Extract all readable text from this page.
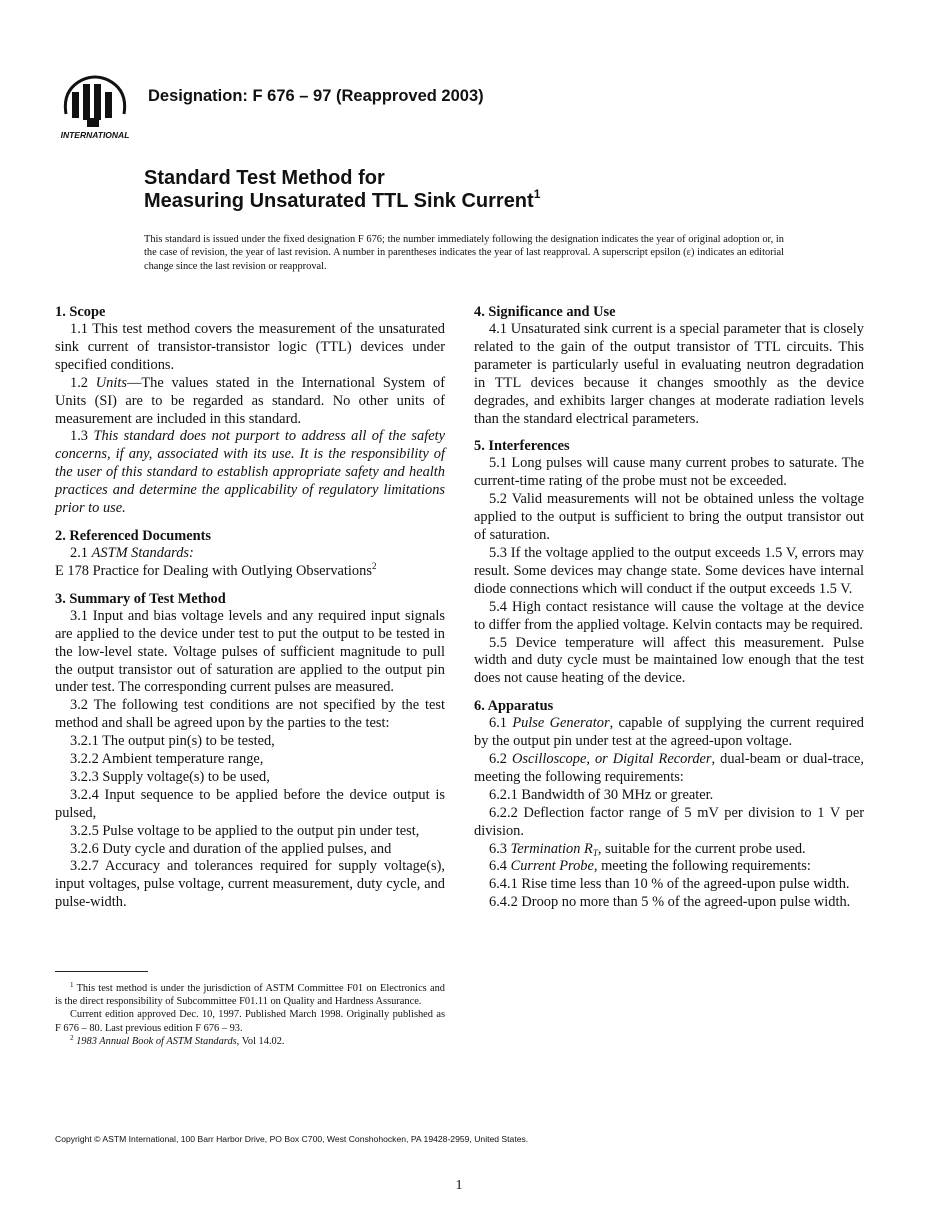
INTERNATIONAL
Designation: F 676 – 97 (Reapproved 2003)
Standard Test Method for
Measuring Unsaturated TTL Sink Current$^1$
This standard is issued under the fixed designation F 676; the number immediately following the designation indicates the year of original adoption or, in the case of revision, the year of last revision. A number in parentheses indicates the year of last reapproval. A superscript epsilon (ε) indicates an editorial change since the last revision or reapproval.
1. Scope

1.1 This test method covers the measurement of the unsaturated sink current of transistor-transistor logic (TTL) devices under specified conditions.

1.2 Units—The values stated in the International System of Units (SI) are to be regarded as standard. No other units of measurement are included in this standard.

1.3 This standard does not purport to address all of the safety concerns, if any, associated with its use. It is the responsibility of the user of this standard to establish appropriate safety and health practices and determine the applicability of regulatory limitations prior to use.

2. Referenced Documents

2.1 ASTM Standards:

E 178 Practice for Dealing with Outlying Observations$^2$

3. Summary of Test Method

3.1 Input and bias voltage levels and any required input signals are applied to the device under test to put the output to be tested in the low-level state. Voltage pulses of sufficient magnitude to pull the output transistor out of saturation are applied to the output pin under test. The corresponding current pulses are measured.

3.2 The following test conditions are not specified by the test method and shall be agreed upon by the parties to the test:

3.2.1 The output pin(s) to be tested,

3.2.2 Ambient temperature range,

3.2.3 Supply voltage(s) to be used,

3.2.4 Input sequence to be applied before the device output is pulsed,

3.2.5 Pulse voltage to be applied to the output pin under test,

3.2.6 Duty cycle and duration of the applied pulses, and

3.2.7 Accuracy and tolerances required for supply voltage(s), input voltages, pulse voltage, current measurement, duty cycle, and pulse-width.

4. Significance and Use

4.1 Unsaturated sink current is a special parameter that is closely related to the gain of the output transistor of TTL circuits. This parameter is particularly useful in evaluating neutron degradation in TTL devices because it changes smoothly as the device degrades, and exhibits larger changes at moderate radiation levels than the standard electrical parameters.

5. Interferences

5.1 Long pulses will cause many current probes to saturate. The current-time rating of the probe must not be exceeded.

5.2 Valid measurements will not be obtained unless the voltage applied to the output is sufficient to bring the output transistor out of saturation.

5.3 If the voltage applied to the output exceeds 1.5 V, errors may result. Some devices may change state. Some devices have internal diode connections which will conduct if the output exceeds 1.5 V.

5.4 High contact resistance will cause the voltage at the device to differ from the applied voltage. Kelvin contacts may be required.

5.5 Device temperature will affect this measurement. Pulse width and duty cycle must be maintained low enough that the test does not cause heating of the device.

6. Apparatus

6.1 Pulse Generator, capable of supplying the current required by the output pin under test at the agreed-upon voltage.

6.2 Oscilloscope, or Digital Recorder, dual-beam or dual-trace, meeting the following requirements:

6.2.1 Bandwidth of 30 MHz or greater.

6.2.2 Deflection factor range of 5 mV per division to 1 V per division.

6.3 Termination $R_T$, suitable for the current probe used.

6.4 Current Probe, meeting the following requirements:

6.4.1 Rise time less than 10 % of the agreed-upon pulse width.

6.4.2 Droop no more than 5 % of the agreed-upon pulse width.

$^1$ This test method is under the jurisdiction of ASTM Committee F01 on Electronics and is the direct responsibility of Subcommittee F01.11 on Quality and Hardness Assurance.

Current edition approved Dec. 10, 1997. Published March 1998. Originally published as F 676 – 80. Last previous edition F 676 – 93.

$^2$ 1983 Annual Book of ASTM Standards, Vol 14.02.

Copyright © ASTM International, 100 Barr Harbor Drive, PO Box C700, West Conshohocken, PA 19428-2959, United States.
1
